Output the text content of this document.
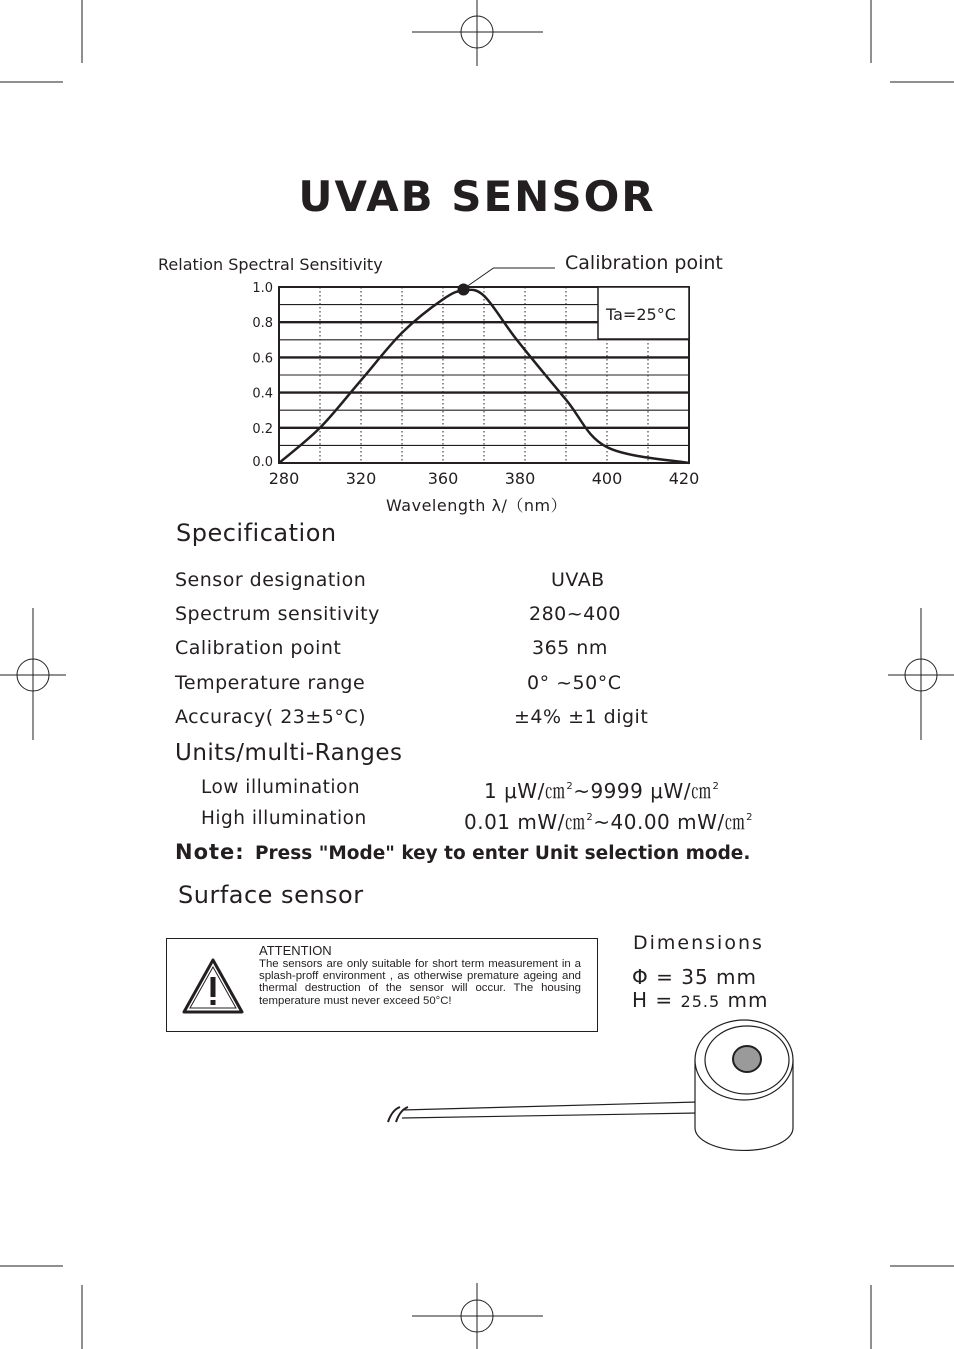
UVAB SENSOR
Relation Spectral Sensitivity	Calibration point
0.0
0.2
0.4
0.6
0.8
1.0
280	320	360	380	400	420
Ta=25°C
Wavelength λ/（nm）
Specification
Sensor designation	UVAB
Spectrum sensitivity	280~400
Calibration point	365 nm
Temperature range	0° ~50°C
Accuracy( 23±5°C)	±4% ±1 digit
Units/multi-Ranges
Low illumination	1 μW/㎝$^2$~9999 μW/㎝$^2$
High illumination	0.01 mW/㎝$^2$~40.00 mW/㎝$^2$
Note: Press "Mode" key to enter Unit selection mode.
Surface sensor
ATTENTION
The sensors are only suitable for short term measurement in a splash-proff environment , as otherwise premature ageing and thermal destruction of the sensor will occur. The housing temperature must never exceed 50°C!
Dimensions
Φ = 35 mm
H = 25.5 mm
